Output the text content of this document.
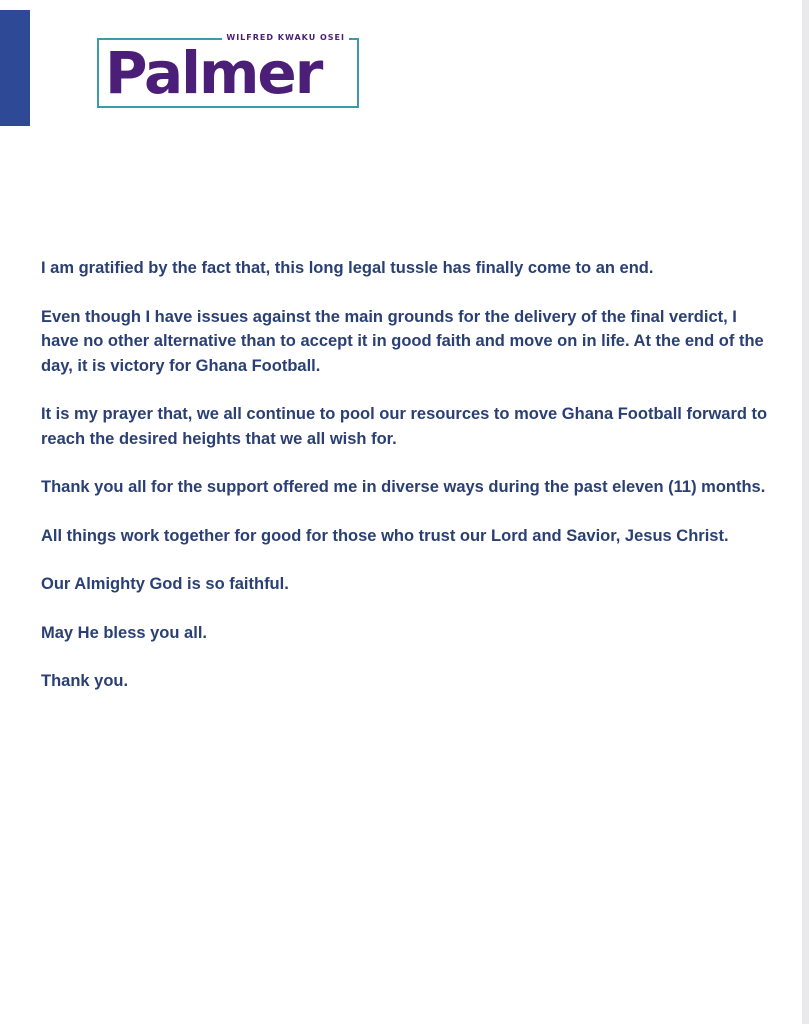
WILFRED KWAKU OSEI
Palmer

I am gratified by the fact that, this long legal tussle has finally come to an end.

Even though I have issues against the main grounds for the delivery of the final verdict, I have no other alternative than to accept it in good faith and move on in life. At the end of the day, it is victory for Ghana Football.

It is my prayer that, we all continue to pool our resources to move Ghana Football forward to reach the desired heights that we all wish for.

Thank you all for the support offered me in diverse ways during the past eleven (11) months.

All things work together for good for those who trust our Lord and Savior, Jesus Christ.

Our Almighty God is so faithful.

May He bless you all.

Thank you.
